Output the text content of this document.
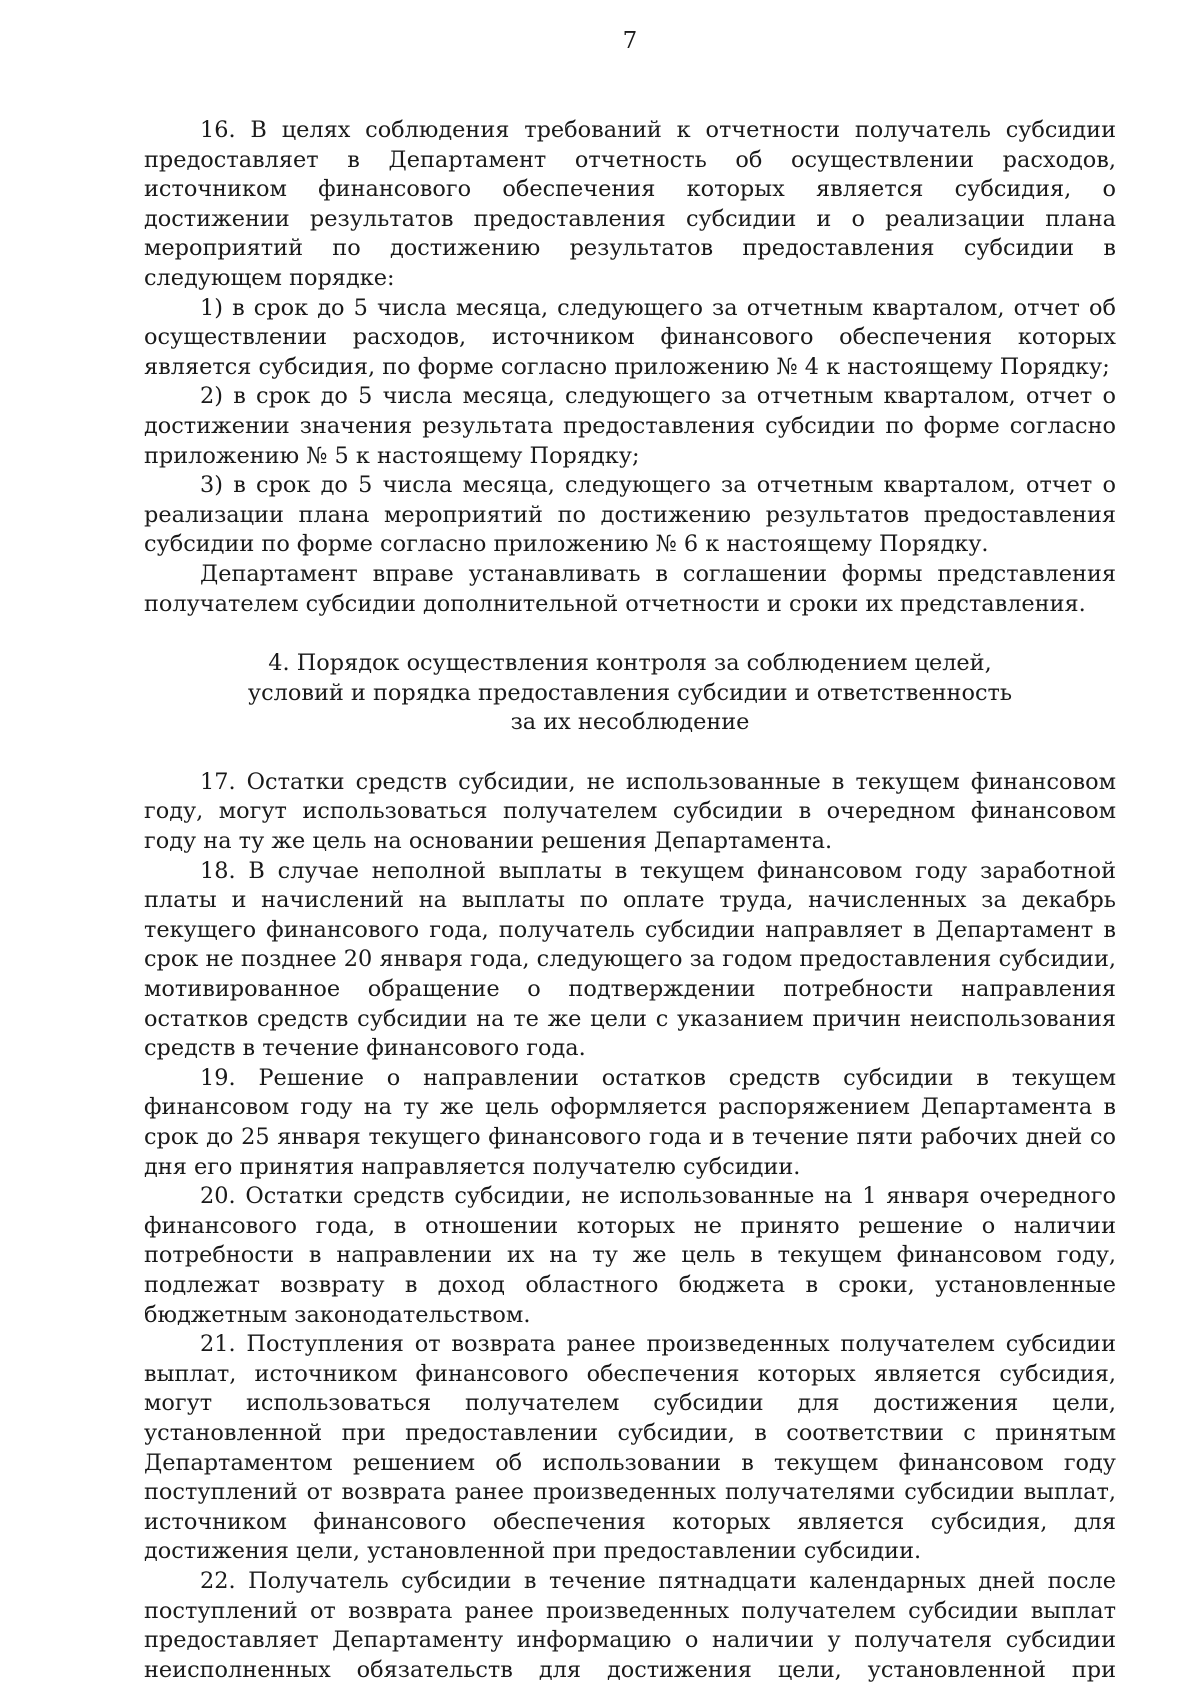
7

16. В целях соблюдения требований к отчетности получатель субсидии предоставляет в Департамент отчетность об осуществлении расходов, источником финансового обеспечения которых является субсидия, о достижении результатов предоставления субсидии и о реализации плана мероприятий по достижению результатов предоставления субсидии в следующем порядке:

1) в срок до 5 числа месяца, следующего за отчетным кварталом, отчет об осуществлении расходов, источником финансового обеспечения которых является субсидия, по форме согласно приложению № 4 к настоящему Порядку;

2) в срок до 5 числа месяца, следующего за отчетным кварталом, отчет о достижении значения результата предоставления субсидии по форме согласно приложению № 5 к настоящему Порядку;

3) в срок до 5 числа месяца, следующего за отчетным кварталом, отчет о реализации плана мероприятий по достижению результатов предоставления субсидии по форме согласно приложению № 6 к настоящему Порядку.

Департамент вправе устанавливать в соглашении формы представления получателем субсидии дополнительной отчетности и сроки их представления.

4. Порядок осуществления контроля за соблюдением целей,
условий и порядка предоставления субсидии и ответственность
за их несоблюдение

17. Остатки средств субсидии, не использованные в текущем финансовом году, могут использоваться получателем субсидии в очередном финансовом году на ту же цель на основании решения Департамента.

18. В случае неполной выплаты в текущем финансовом году заработной платы и начислений на выплаты по оплате труда, начисленных за декабрь текущего финансового года, получатель субсидии направляет в Департамент в срок не позднее 20 января года, следующего за годом предоставления субсидии, мотивированное обращение о подтверждении потребности направления остатков средств субсидии на те же цели с указанием причин неиспользования средств в течение финансового года.

19. Решение о направлении остатков средств субсидии в текущем финансовом году на ту же цель оформляется распоряжением Департамента в срок до 25 января текущего финансового года и в течение пяти рабочих дней со дня его принятия направляется получателю субсидии.

20. Остатки средств субсидии, не использованные на 1 января очередного финансового года, в отношении которых не принято решение о наличии потребности в направлении их на ту же цель в текущем финансовом году, подлежат возврату в доход областного бюджета в сроки, установленные бюджетным законодательством.

21. Поступления от возврата ранее произведенных получателем субсидии выплат, источником финансового обеспечения которых является субсидия, могут использоваться получателем субсидии для достижения цели, установленной при предоставлении субсидии, в соответствии с принятым Департаментом решением об использовании в текущем финансовом году поступлений от возврата ранее произведенных получателями субсидии выплат, источником финансового обеспечения которых является субсидия, для достижения цели, установленной при предоставлении субсидии.

22. Получатель субсидии в течение пятнадцати календарных дней после поступлений от возврата ранее произведенных получателем субсидии выплат предоставляет Департаменту информацию о наличии у получателя субсидии неисполненных обязательств для достижения цели, установленной при
